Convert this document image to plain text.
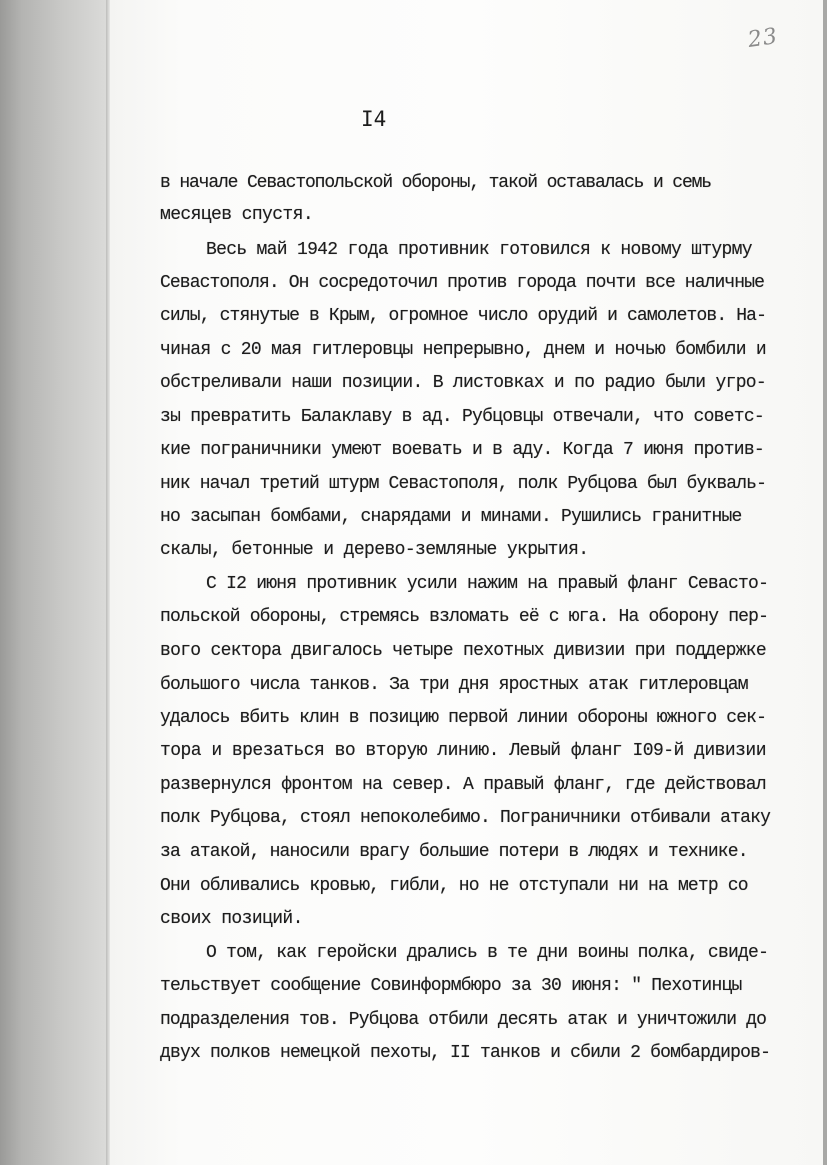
23
I4
в начале Севастопольской обороны, такой оставалась и семь
месяцев спустя.
Весь май 1942 года противник готовился к новому штурму
Севастополя. Он сосредоточил против города почти все наличные
силы, стянутые в Крым, огромное число орудий и самолетов. На-
чиная с 20 мая гитлеровцы непрерывно, днем и ночью бомбили и
обстреливали наши позиции. В листовках и по радио были угро-
зы превратить Балаклаву в ад. Рубцовцы отвечали, что советс-
кие пограничники умеют воевать и в аду. Когда 7 июня против-
ник начал третий штурм Севастополя, полк Рубцова был букваль-
но засыпан бомбами, снарядами и минами. Рушились гранитные
скалы, бетонные и дерево-земляные укрытия.
С I2 июня противник усили нажим на правый фланг Севасто-
польской обороны, стремясь взломать её с юга. На оборону пер-
вого сектора двигалось четыре пехотных дивизии при поддержке
большого числа танков. За три дня яростных атак гитлеровцам
удалось вбить клин в позицию первой линии обороны южного сек-
тора и врезаться во вторую линию. Левый фланг I09-й дивизии
развернулся фронтом на север. А правый фланг, где действовал
полк Рубцова, стоял непоколебимо. Пограничники отбивали атаку
за атакой, наносили врагу большие потери в людях и технике.
Они обливались кровью, гибли, но не отступали ни на метр со
своих позиций.
О том, как геройски дрались в те дни воины полка, свиде-
тельствует сообщение Совинформбюро за 30 июня: " Пехотинцы
подразделения тов. Рубцова отбили десять атак и уничтожили до
двух полков немецкой пехоты, II танков и сбили 2 бомбардиров-
